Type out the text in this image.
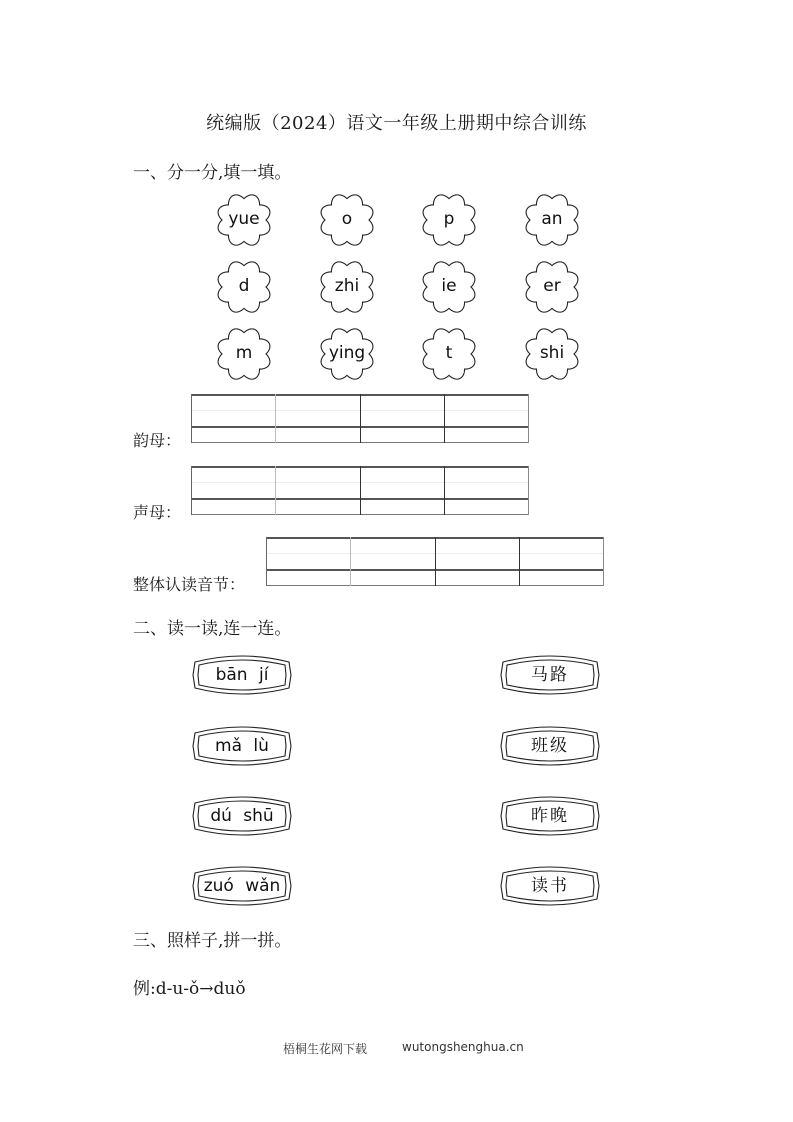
统编版（2024）语文一年级上册期中综合训练
一、分一分,填一填。
yue	o	p	an
d	zhi	ie	er
m	ying	t	shi
韵母：
声母：
整体认读音节：
二、读一读,连一连。
bān jí	马路
mǎ lù	班级
dú shū	昨晚
zuó wǎn	读书
三、照样子,拼一拼。
例:d-u-ǒ→duǒ
梧桐生花网下载	wutongshenghua.cn
